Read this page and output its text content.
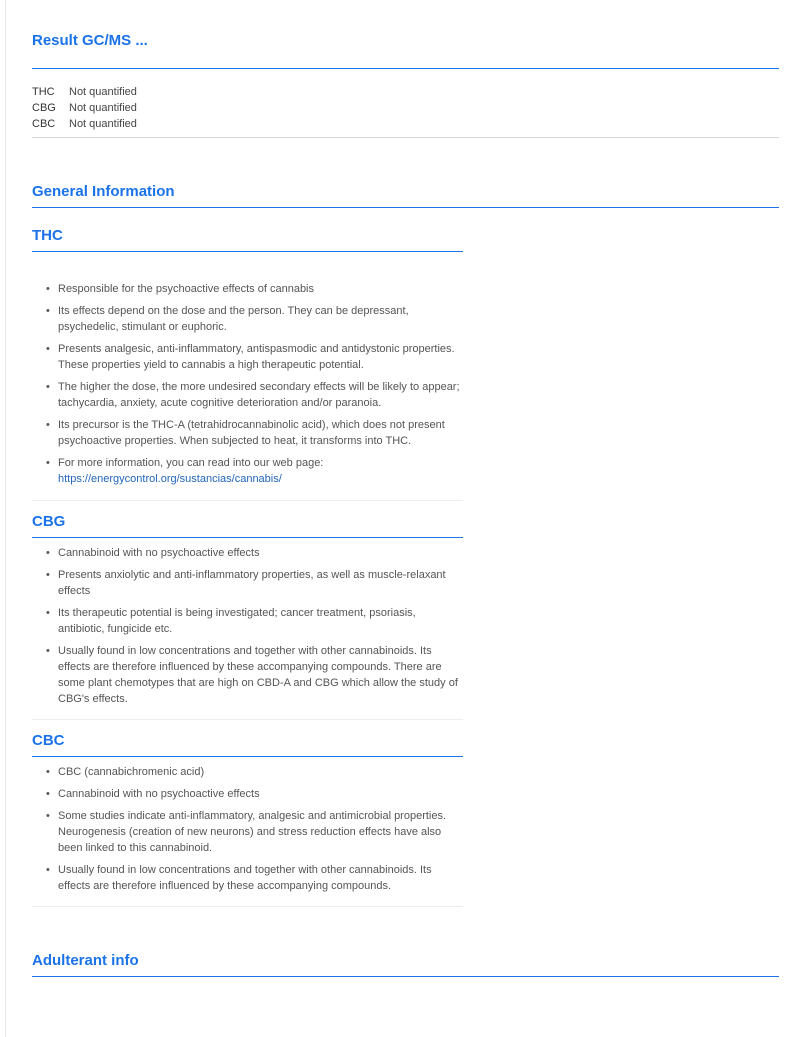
Result GC/MS ...
THC	Not quantified
CBG	Not quantified
CBC	Not quantified
General Information
THC
• Responsible for the psychoactive effects of cannabis
• Its effects depend on the dose and the person. They can be depressant, psychedelic, stimulant or euphoric.
• Presents analgesic, anti-inflammatory, antispasmodic and antidystonic properties. These properties yield to cannabis a high therapeutic potential.
• The higher the dose, the more undesired secondary effects will be likely to appear; tachycardia, anxiety, acute cognitive deterioration and/or paranoia.
• Its precursor is the THC-A (tetrahidrocannabinolic acid), which does not present psychoactive properties. When subjected to heat, it transforms into THC.
• For more information, you can read into our web page:
https://energycontrol.org/sustancias/cannabis/
CBG
• Cannabinoid with no psychoactive effects
• Presents anxiolytic and anti-inflammatory properties, as well as muscle-relaxant effects
• Its therapeutic potential is being investigated; cancer treatment, psoriasis, antibiotic, fungicide etc.
• Usually found in low concentrations and together with other cannabinoids. Its effects are therefore influenced by these accompanying compounds. There are some plant chemotypes that are high on CBD-A and CBG which allow the study of CBG's effects.
CBC
• CBC (cannabichromenic acid)
• Cannabinoid with no psychoactive effects
• Some studies indicate anti-inflammatory, analgesic and antimicrobial properties. Neurogenesis (creation of new neurons) and stress reduction effects have also been linked to this cannabinoid.
• Usually found in low concentrations and together with other cannabinoids. Its effects are therefore influenced by these accompanying compounds.
Adulterant info
